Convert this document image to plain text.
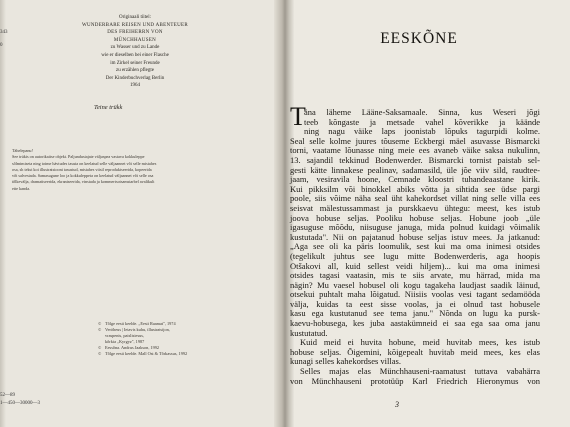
343
0
52—89
1—450—30000—3
Originaali tiitel:
WUNDERBARE REISEN UND ABENTEUER
DES FREIHERRN VON
MÜNCHHAUSEN
zu Wasser und zu Lande
wie er dieselben bei einer Flasche
im Zirkel seiner Freunde
zu erzählen pflegte
Der Kinderbuchverlag Berlin
1964
Teine trükk
Tähelepanu!
See trükis on autorikaitse objekt. Paljundustajate väljaspea vastava kokkuleppe
sõlmimiseta ning toime hävtudes tasuta on keelatud selle väljaannet või selle mistahes
osa, sh tekst koi illustratsiooni tasustud, mistahes viisil reproduktseerida, kopeerida
või salvestada. Samasugune loo ja kokkuleppeta on keelatud väljaannet või selle osa
tõlkevälja, dramatiseerida, ekraniseerida, vinstada ja kommertsotsamstarbel avalikult
ette kanda.
© Tõlge eesti keelde. „Eesti Raamat", 1974
© Veröheus | Ietavis kuhu, illustratsijon,
vraspenis, paislisiesus,
kõrkia „Kyrgyz", 1987
© Eessõna. Andrus Jaakson, 1992
© Tõlge eesti keelde. Mall Ost & Tõrkassus, 1992
EESKÕNE
T
äna läheme Lääne-Saksamaale. Sinna, kus Weseri jõgi
teeb kõngaste ja metsade vahel kõverikke ja käände
ning nagu väike laps joonistab lõpuks tagurpidi kolme.
Seal selle kolme juures tõuseme Eckbergi mäel asuvasse Bismarcki
torni, vaatame lõunasse ning meie ees avaneb väike saksa nukulinn,
13. sajandil tekkinud Bodenwerder. Bismarcki tornist paistab sel-
gesti kätte linnakese pealinav, sadamasild, üle jõe viiv sild, raudtee-
jaam, vesiravila hoone, Cemnade kloostri tuhandeaastane kirik.
Kui pikksilm või binokkel abiks võtta ja sihtida see üdse pargi
poole, siis võime näha seal üht kahekordset villat ning selle villa ees
seisvat mälestussammast ja purskkaevu ühtegu: meest, kes istub
joova hobuse seljas. Pooliku hobuse seljas. Hobune joob „üle
igasuguse mõõdu, niisuguse januga, mida polnud kuidagi võimalik
kustutada". Nii on pajatanud hobuse seljas istuv mees. Ja jatkanud:
„Aga see oli ka päris loomulik, sest kui ma oma inimesi otsides
(tegelikult juhtus see lugu mitte Bodenwerderis, aga hoopis
Otšakovi all, kuid sellest veidi hiljem)... kui ma oma inimesi
otsides tagasi vaatasin, mis te siis arvate, mu härrad, mida ma
nägin? Mu vaesel hobusel oli kogu tagakeha laudjast saadik läinud,
otsekui puhtalt maha lõigatud. Niisiis voolas vesi tagant sedamööda
välja, kuidas ta eest sisse voolas, ja ei olnud tast hobusele
kasu ega kustutanud see tema janu." Nõnda on lugu ka pursk-
kaevu-hobusega, kes juba aastakümneid ei saa ega saa oma janu
kustutatud.
Kuid meid ei huvita hobune, meid huvitab mees, kes istub
hobuse seljas. Õigemini, kõigepealt huvitab meid mees, kes elas
kunagi selles kahekordses villas.
Selles majas elas Münchhauseni-raamatust tuttava vabahärra
von Münchhauseni prototüüp Karl Friedrich Hieronymus von
3
